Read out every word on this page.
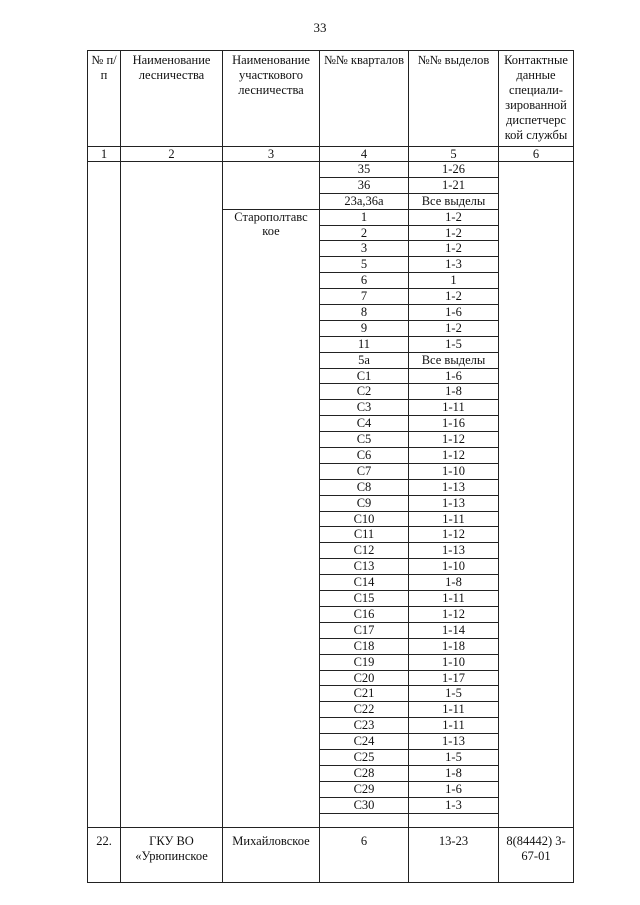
33
№ п/п	Наименование лесничества	Наименование участкового лесничества	№№ кварталов	№№ выделов	Контактные данные специали-зированной диспетчерс кой службы
1	2	3	4	5	6
			35	1-26	
			36	1-21	
			23а,36а	Все выделы	
		Старополтавс кое	1	1-2	
			2	1-2	
			3	1-2	
			5	1-3	
			6	1	
			7	1-2	
			8	1-6	
			9	1-2	
			11	1-5	
			5а	Все выделы	
			С1	1-6	
			С2	1-8	
			С3	1-11	
			С4	1-16	
			С5	1-12	
			С6	1-12	
			С7	1-10	
			С8	1-13	
			С9	1-13	
			С10	1-11	
			С11	1-12	
			С12	1-13	
			С13	1-10	
			С14	1-8	
			С15	1-11	
			С16	1-12	
			С17	1-14	
			С18	1-18	
			С19	1-10	
			С20	1-17	
			С21	1-5	
			С22	1-11	
			С23	1-11	
			С24	1-13	
			С25	1-5	
			С28	1-8	
			С29	1-6	
			С30	1-3	

22.	ГКУ ВО «Урюпинское	Михайловское	6	13-23	8(84442) 3-67-01
